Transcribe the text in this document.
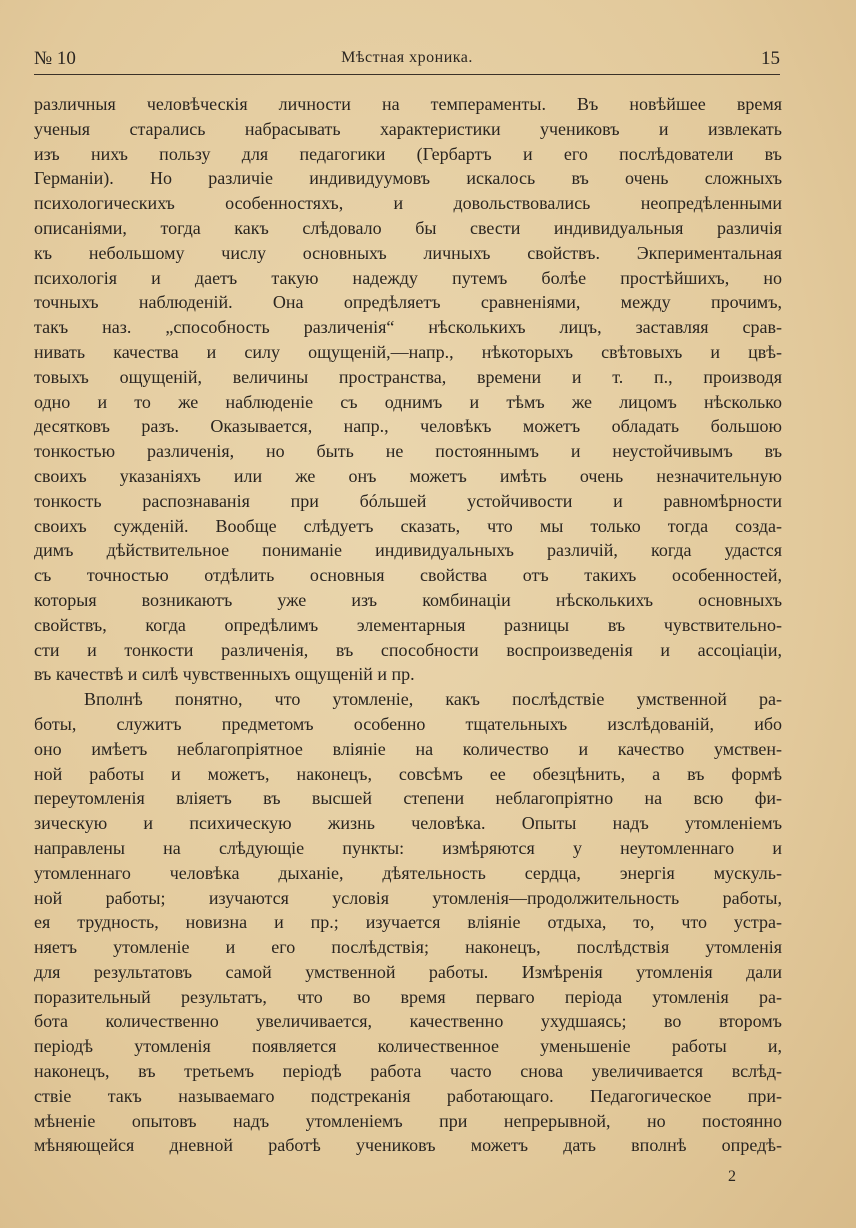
№ 10	Мѣстная хроника.	15
различныя человѣческія личности на темпераменты. Въ новѣйшее время
ученыя старались набрасывать характеристики учениковъ и извлекать
изъ нихъ пользу для педагогики (Гербартъ и его послѣдователи въ
Германіи). Но различіе индивидуумовъ искалось въ очень сложныхъ
психологическихъ особенностяхъ, и довольствовались неопредѣленными
описаніями, тогда какъ слѣдовало бы свести индивидуальныя различія
къ небольшому числу основныхъ личныхъ свойствъ. Экпериментальная
психологія и даетъ такую надежду путемъ болѣе простѣйшихъ, но
точныхъ наблюденій. Она опредѣляетъ сравненіями, между прочимъ,
такъ наз. „способность различенія“ нѣсколькихъ лицъ, заставляя срав-
нивать качества и силу ощущеній,—напр., нѣкоторыхъ свѣтовыхъ и цвѣ-
товыхъ ощущеній, величины пространства, времени и т. п., производя
одно и то же наблюденіе съ однимъ и тѣмъ же лицомъ нѣсколько
десятковъ разъ. Оказывается, напр., человѣкъ можетъ обладать большою
тонкостью различенія, но быть не постояннымъ и неустойчивымъ въ
своихъ указаніяхъ или же онъ можетъ имѣть очень незначительную
тонкость распознаванія при бóльшей устойчивости и равномѣрности
своихъ сужденій. Вообще слѣдуетъ сказать, что мы только тогда созда-
димъ дѣйствительное пониманіе индивидуальныхъ различій, когда удастся
съ точностью отдѣлить основныя свойства отъ такихъ особенностей,
которыя возникаютъ уже изъ комбинаціи нѣсколькихъ основныхъ
свойствъ, когда опредѣлимъ элементарныя разницы въ чувствительно-
сти и тонкости различенія, въ способности воспроизведенія и ассоціаціи,
въ качествѣ и силѣ чувственныхъ ощущеній и пр.
Вполнѣ понятно, что утомленіе, какъ послѣдствіе умственной ра-
боты, служитъ предметомъ особенно тщательныхъ изслѣдованій, ибо
оно имѣетъ неблагопріятное вліяніе на количество и качество умствен-
ной работы и можетъ, наконецъ, совсѣмъ ее обезцѣнить, а въ формѣ
переутомленія вліяетъ въ высшей степени неблагопріятно на всю фи-
зическую и психическую жизнь человѣка. Опыты надъ утомленіемъ
направлены на слѣдующіе пункты: измѣряются у неутомленнаго и
утомленнаго человѣка дыханіе, дѣятельность сердца, энергія мускуль-
ной работы; изучаются условія утомленія—продолжительность работы,
ея трудность, новизна и пр.; изучается вліяніе отдыха, то, что устра-
няетъ утомленіе и его послѣдствія; наконецъ, послѣдствія утомленія
для результатовъ самой умственной работы. Измѣренія утомленія дали
поразительный результатъ, что во время перваго періода утомленія ра-
бота количественно увеличивается, качественно ухудшаясь; во второмъ
періодѣ утомленія появляется количественное уменьшеніе работы и,
наконецъ, въ третьемъ періодѣ работа часто снова увеличивается вслѣд-
ствіе такъ называемаго подстреканія работающаго. Педагогическое при-
мѣненіе опытовъ надъ утомленіемъ при непрерывной, но постоянно
мѣняющейся дневной работѣ учениковъ можетъ дать вполнѣ опредѣ-
2
